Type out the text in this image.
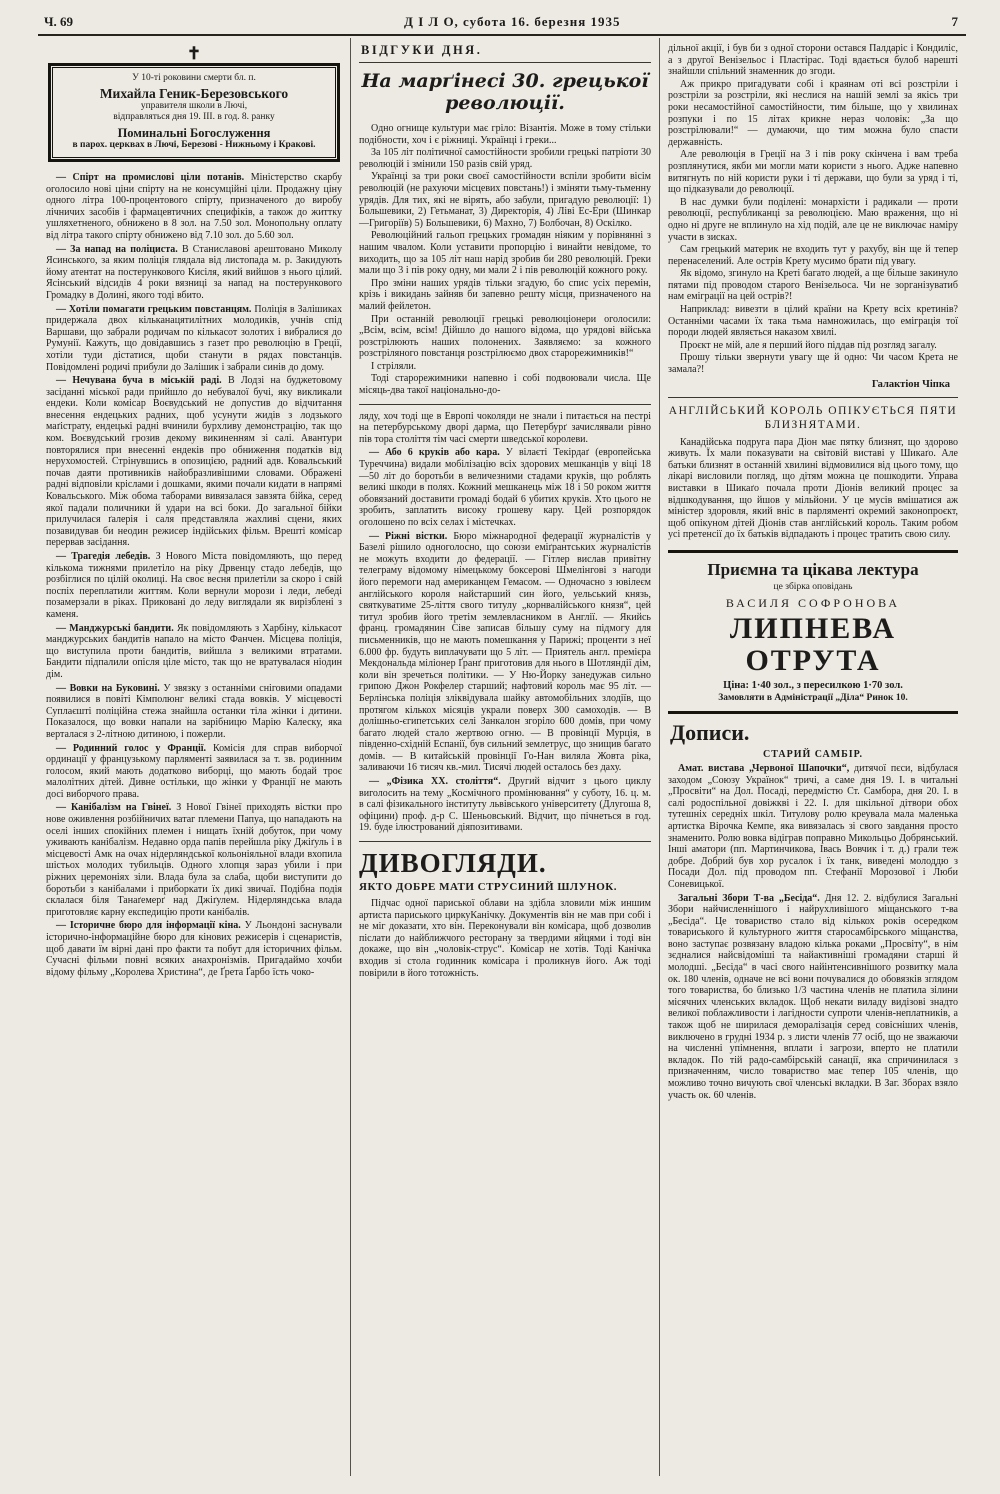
Ч. 69	Д І Л О, субота 16. березня 1935	7
✝
У 10-ті роковини смерти бл. п.
Михайла Геник-Березовського
управителя школи в Лючі,
відправляться дня 19. III. в год. 8. ранку
Поминальні Богослуження
в парох. церквах в Лючі, Березові - Нижньому і Кракові.

— Спірт на промислові ціли потанів. Міністерство скарбу оголосило нові ціни спірту на не консумційні ціли. Продажну ціну одного літра 100-процентового спірту, призначеного до виробу лічничих засобів і фармацевтичних специфіків, а також до життку ушляхетненого, обнижено в 8 зол. на 7.50 зол. Монопольну оплату від літра такого спірту обнижено від 7.10 зол. до 5.60 зол.

— За напад на поліциста. В Станиславові арештовано Миколу Ясинського, за яким поліція глядала від листопада м. р. Закидують йому атентат на постерункового Кисіля, який вийшов з нього цілий. Ясінський відсидів 4 роки вязниці за напад на постерункового Громадку в Долині, якого тоді вбито.

— Хотіли помагати грецьким повстанцям. Поліція в Залішиках придержала двох кільканацятилітних молодиків, учнів спід Варшави, що забрали родичам по кількасот золотих і вибралися до Румунії. Кажуть, що довідавшись з газет про революцію в Греції, хотіли туди дістатися, щоби станути в рядах повстанців. Повідомлені родичі прибули до Залішик і забрали синів до дому.

— Нечувана буча в міській раді. В Лодзі на буджетовому засіданні міської ради прийшло до небувалої бучі, яку викликали ендеки. Коли комісар Воєвудський не допустив до відчитання внесення ендецьких радних, щоб усунути жидів з лодзького маґістрату, ендецькі радні вчинили бурхливу демонстрацію, так що ком. Воєвудський грозив декому викиненням зі салі. Авантури повторялися при внесенні ендеків про обниження податків від нерухомостей. Стрінувшись в опозицією, радний адв. Ковальський почав даяти противників найобразливішими словами. Ображені радні відповіли кріслами і дошками, якими почали кидати в напрямі Ковальського. Між обома таборами вивязалася завзята бійка, серед якої падали поличники й удари на всі боки. До загальної бійки прилучилася ґалерія і саля представляла жахливі сцени, яких позавидував би неодин режисер індійських фільм. Врешті комісар перервав засідання.

— Трагедія лебедів. З Нового Міста повідомляють, що перед кількома тижнями прилетіло на ріку Дрвенцу стадо лебедів, що розбіглися по цілій околиці. На своє весня прилетіли за скоро і свій поспіх переплатили життям. Коли вернули морози і леди, лебеді позамерзали в ріках. Приковані до леду виглядали як вирізблені з каменя.

— Манджурські бандити. Як повідомляють з Харбіну, кількасот манджурських бандитів напало на місто Фанчен. Місцева поліція, що виступила проти бандитів, вийшла з великими втратами. Бандити підпалили опісля ціле місто, так що не вратувалася ніодин дім.

— Вовки на Буковині. У звязку з останніми сніговими опадами появилися в повіті Кімполюнг великі стада вовків. У місцевості Суплаєшті поліційна стежа знайшла останки тіла жінки і дитини. Показалося, що вовки напали на зарібницю Марію Калеску, яка верталася з 2-літною дитиною, і пожерли.

— Родинний голос у Франції. Комісія для справ виборчої ординації у французькому парляменті заявилася за т. зв. родинним голосом, який мають додатково виборці, що мають бодай троє малолітних дітей. Дивне остільки, що жінки у Франції не мають досі виборчого права.

— Канібалізм на Гвінеї. З Нової Гвінеї приходять вістки про нове оживлення розбійничих ватаг племени Папуа, що нападають на оселі інших спокійних племен і нищать їхній добуток, при чому уживають канібалізм. Недавно орда папів перейшла ріку Джіґуль і в місцевості Амк на очах нідерляндської кольоніяльної влади вхопила шістьох молодих тубильців. Одного хлопця зараз убили і при ріжних церемоніях зіли. Влада була за слаба, щоби виступити до боротьби з канібалами і приборкати їх дикі звичаї. Подібна подія склалася біля Танаґемерґ над Джіґулем. Нідерляндська влада приготовляє карну експедицію проти канібалів.

— Історичне бюро для інформації кіна. У Льондоні заснували історично-інформаційне бюро для кінових режисерів і сценаристів, щоб давати їм вірні дані про факти та побут для історичних фільм. Сучасні фільми повні всяких анахронізмів. Пригадаймо хочби відому фільму „Королева Христина“, де Ґрета Ґарбо їсть чоко-

ВІДГУКИ ДНЯ.
На марґінесі 30. грецької революції.

Одно огнище культури має гріло: Візантія. Може в тому стільки подібности, хоч і є ріжниці. Українці і греки...

За 105 літ політичної самостійности зробили грецькі патріоти 30 революцій і змінили 150 разів свій уряд.

Українці за три роки своєї самостійности вспіли зробити вісім революцій (не рахуючи місцевих повстань!) і зміняти тьму-тьменну урядів. Для тих, які не вірять, або забули, пригадую революції: 1) Большевики, 2) Гетьманат, 3) Директорія, 4) Ліві Ес-Ери (Шинкар—Григоріїв) 5) Большевики, 6) Махно, 7) Болбочан, 8) Оскілко.

Революційний гальоп грецьких громадян ніяким у порівнянні з нашим чвалом. Коли уставити пропорцію і винайти невідоме, то виходить, що за 105 літ наш нарід зробив би 280 революцій. Греки мали що 3 і пів року одну, ми мали 2 і пів революцій кожного року.

Про зміни наших урядів тільки згадую, бо спис усіх перемін, крізь і викидань зайняв би запевно решту місця, призначеного на малий фейлетон.

При останній революції грецькі революціонери оголосили: „Всім, всім, всім! Дійшло до нашого відома, що урядові війська розстрілюють наших полонених. Заявляємо: за кожного розстріляного повстанця розстрілюємо двох старорежимників!“

І стріляли.

Тоді старорежимники напевно і собі подвоювали числа. Ще місяць-два такої національно-до-

ляду, хоч тоді ще в Европі чоколяди не знали і питається на пестрі на петербурському дворі дарма, що Петербурґ зачислявали рівно пів тора століття тім часі смерти шведської королеви.

— Або 6 круків або кара. У вілаєті Текірдаґ (европейська Туреччина) видали мобілізацію всіх здорових мешканців у віці 18—50 літ до боротьби в величезними стадами круків, що роблять великі шкоди в полях. Кожний мешканець між 18 і 50 роком життя обовязаний доставити громаді бодай 6 убитих круків. Хто цього не зробить, заплатить високу грошеву кару. Цей розпорядок оголошено по всіх селах і містечках.

— Ріжні вістки. Бюро міжнародної федерації журналістів у Базелі рішило одноголосно, що союзи еміґрантських журналістів не можуть входити до федерації. — Гітлер вислав привітну телеграму відомому німецькому боксерові Шмелінгові з нагоди його перемоги над американцем Гемасом. — Одночасно з ювілеєм англійського короля найстарший син його, уельський князь, святкуватиме 25-ліття свого титулу „корнвалійського князя“, цей титул зробив його третім землевласником в Англії. — Якийсь франц. громадянин Сіве записав більшу суму на підмогу для письменників, що не мають помешкання у Парижі; проценти з неї 6.000 фр. будуть виплачувати що 5 літ. — Приятель англ. премієра Мекдональда міліонер Ґранґ приготовив для нього в Шотляндії дім, коли він зречеться політики. — У Ню-Йорку занедужав сильно грипою Джон Рокфелер старший; нафтовий король має 95 літ. — Берлінська поліція зліквідувала шайку автомобільних злодіїв, що протягом кількох місяців украли поверх 300 самоходів. — В долішньо-єгипетських селі Занкалон згоріло 600 домів, при чому багато людей стало жертвою огню. — В провінції Мурція, в південно-східній Еспанії, був сильний землетрус, що знищив багато домів. — В китайській провінції Го-Нан виляла Жовта ріка, заливаючи 16 тисяч кв.-мил. Тисячі людей осталось без даху.

— „Фізика XX. століття“. Другий відчит з цього циклу виголосить на тему „Космічного промінювання“ у суботу, 16. ц. м. в салі фізикального інституту львівського університету (Длугоша 8, офіцини) проф. д-р С. Шеньовський. Відчит, що пічнеться в год. 19. буде ілюстрований діяпозитивами.

ДИВОГЛЯДИ.
ЯКТО ДОБРЕ МАТИ СТРУСИНИЙ ШЛУНОК.

Підчас одної париської облави на здібла зловили між иншим артиста париського циркуКанічку. Документів він не мав при собі і не міг доказати, хто він. Переконували він комісара, щоб дозволив післати до найближчого ресторану за твердими яйцями і тоді він докаже, що він „чоловік-струс“. Комісар не хотів. Тоді Канічка входив зі стола годинник комісара і проликнув його. Аж тоді повірили в його тотожність.

дільної акції, і був би з одної сторони остався Палдаріс і Кондиліс, а з другої Венізельос і Пластірас. Тоді вдається булоб нарешті знайшли спільний знаменник до згоди.

Аж прикро пригадувати собі і краянам оті всі розстріли і розстріли за розстріли, які неслися на нашій землі за якісь три роки несамостійної самостійности, тим більше, що у хвилинах розпуки і по 15 літах крикне нераз чоловік: „За що розстрілювали!“ — думаючи, що тим можна було спасти державність.

Але революція в Греції на 3 і пів року скінчена і вам треба розплянутися, якби ми могли мати користи з нього. Адже напевно витягнуть по ній користи руки і ті держави, що були за уряд і ті, що підказували до революції.

В нас думки були поділені: монархісти і радикали — проти революції, республиканці за революцією. Маю враження, що ні одно ні друге не вплинуло на хід подій, але це не виключає наміру участи в зисках.

Сам грецький материк не входить тут у рахубу, він ще й тепер перенаселений. Але острів Крету мусимо брати під увагу.

Як відомо, згинуло на Креті багато людей, а ще більше закинуло пятами під проводом старого Венізельоса. Чи не зорганізуватиб нам еміграції на цей острів?!

Наприклад: вивезти в цілий країни на Крету всіх кретинів? Останніми часами їх така тьма намножилась, що еміграція тої породи людей являється наказом хвилі.

Проєкт не мій, але я перший його піддав під розгляд загалу.

Прошу тільки звернути увагу ще й одно: Чи часом Крета не замала?!

Галактіон Чіпка
АНГЛІЙСЬКИЙ КОРОЛЬ ОПІКУЄТЬСЯ ПЯТИ БЛИЗНЯТАМИ.

Канадійська подруга пара Діон має пятку близнят, що здорово живуть. Їх мали показувати на світовій виставі у Шикаґо. Але батьки близнят в останній хвилині відмовилися від цього тому, що лікарі висловили погляд, що дітям можна це пошкодити. Управа виставки в Шикаґо почала проти Діонів великий процес за відшкодування, що йшов у мільйони. У це мусів вмішатися аж міністер здоровля, який вніс в парляменті окремий законопроєкт, щоб опікуном дітей Діонів став англійський король. Таким робом усі претенсії до їх батьків відпадають і процес тратить свою силу.

Приємна та цікава лектура
це збірка оповідань
ВАСИЛЯ СОФРОНОВА
ЛИПНЕВА ОТРУТА
Ціна: 1·40 зол., з пересилкою 1·70 зол.
Замовляти в Адміністрації „Діла“ Ринок 10.
Дописи.
СТАРИЙ САМБІР.

Амат. вистава „Червоної Шапочки“, дитячої пєси, відбулася заходом „Союзу Українок“ тричі, а саме дня 19. І. в читальні „Просвіти“ на Дол. Посаді, передмістю Ст. Самбора, дня 20. І. в салі родоспільної довіжкві і 22. І. для шкільної дітвори обох тутешніх середніх шкіл. Титулову ролю креувала мала маленька артистка Вірочка Кемпе, яка вивязалась зі свого завдання просто знаменито. Ролю вовка відіграв поправно Микольцьо Добрянський. Інші аматори (пп. Мартинчикова, Івась Вовчик і т. д.) грали теж добре. Добрий був хор русалок і їх танк, виведені молоддю з Посади Дол. під проводом пп. Стефанії Морозової і Люби Соневицької.

Загальні Збори Т-ва „Бесіда“. Дня 12. 2. відбулися Загальні Збори найчисленнішого і найрухливішого міщанського т-ва „Бесіда“. Це товариство стало від кількох років осередком товариського й культурного життя старосамбірського міщанства, воно заступає розвязану владою кілька роками „Просвіту“, в нім зєдналися найсвідоміші та найактивніші громадяни старші й молодші. „Бесіда“ в часі свого найінтенсивнішого розвитку мала ок. 180 членів, одначе не всі вони почувалися до обовязків зглядом того товариства, бо близько 1/3 частина членів не платила зілини місячних членських вкладок. Щоб некати виладу видізові знадто великої поблажливости і лагідности супроти членів-неплатників, а також щоб не ширилася деморалізація серед совісніших членів, виключено в грудні 1934 р. з листи членів 77 осіб, що не зважаючи на численні упімнення, вплати і загрози, вперто не платили вкладок. По тій радо-самбірській санації, яка спричинилася з призначенням, число товариство має тепер 105 членів, що можливо точно вичують свої членські вкладки. В Заг. Зборах взяло участь ок. 60 членів.
